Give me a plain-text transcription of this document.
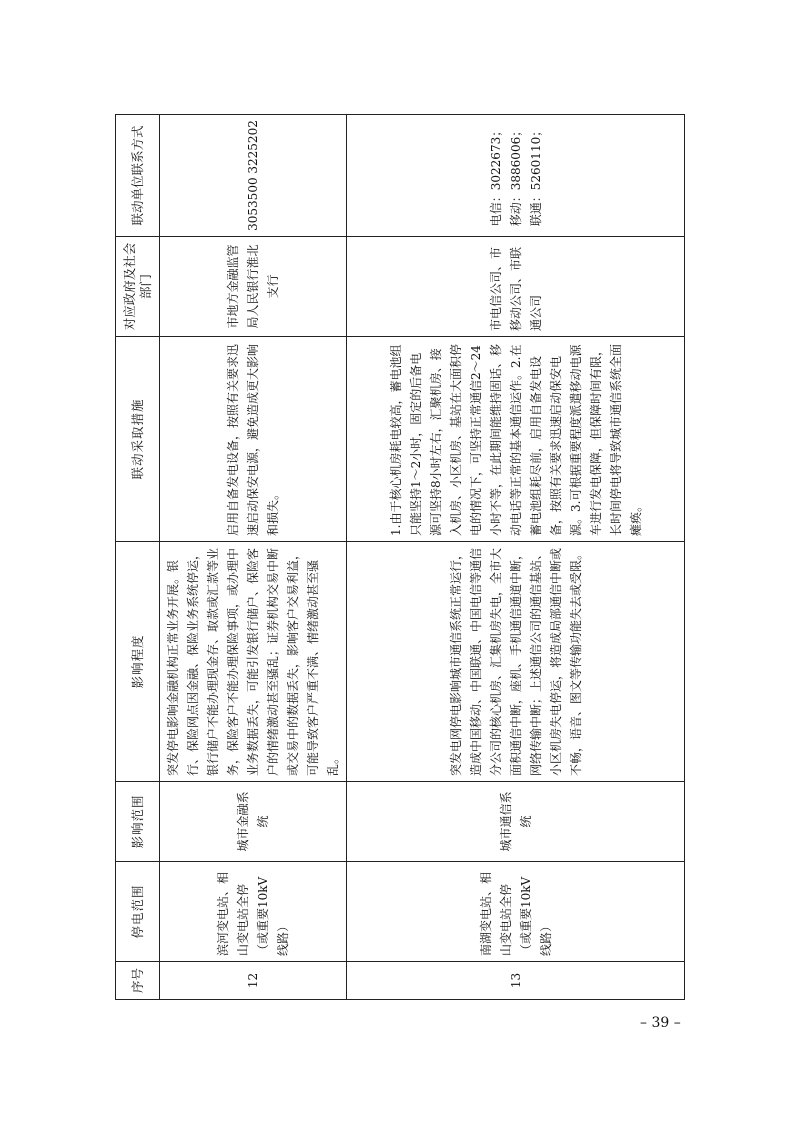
序号	停电范围	影响范围	影响程度	联动采取措施	对应政府及社会部门	联动单位联系方式
12	滨河变电站、相山变电站全停（或重要10kV线路）	城市金融系统	突发停电影响金融机构正常业务开展。银行、保险网点因金融、保险业务系统停运，银行储户不能办理现金存、取款或汇款等业务，保险客户不能办理保险事项，或办理中业务数据丢失，可能引发银行储户、保险客户的情绪激动甚至骚乱；证券机构交易中断或交易中的数据丢失，影响客户交易利益，可能导致客户严重不满、情绪激动甚至骚乱。	启用自备发电设备，按照有关要求迅速启动保安电源，避免造成更大影响和损失。	市地方金融监管局人民银行淮北支行	3053500 3225202
13	南湖变电站、相山变电站全停（或重要10kV线路）	城市通信系统	突发电网停电影响城市通信系统正常运行，造成中国移动、中国联通、中国电信等通信分公司的核心机房、汇集机房失电，全市大面积通信中断，座机、手机通信通道中断，网络传输中断；上述通信公司的通信基站、小区机房失电停运，将造成局部通信中断或不畅，语音、图文等传输功能失去或受限。	1.由于核心机房耗电较高，蓄电池组只能坚持1～2小时，固定的后备电源可坚持8小时左右，汇聚机房、接入机房、小区机房、基站在大面积停电的情况下，可坚持正常通信2～24小时不等，在此期间能维持固话、移动电话等正常的基本通信运作。2.在蓄电池组耗尽前，启用自备发电设备，按照有关要求迅速启动保安电源。3.可根据重要程度派遣移动电源车进行发电保障，但保障时间有限，长时间停电将导致城市通信系统全面瘫痪。	市电信公司、市移动公司、市联通公司	电信：3022673；移动：3886006；联通：5260110；
– 39 –
